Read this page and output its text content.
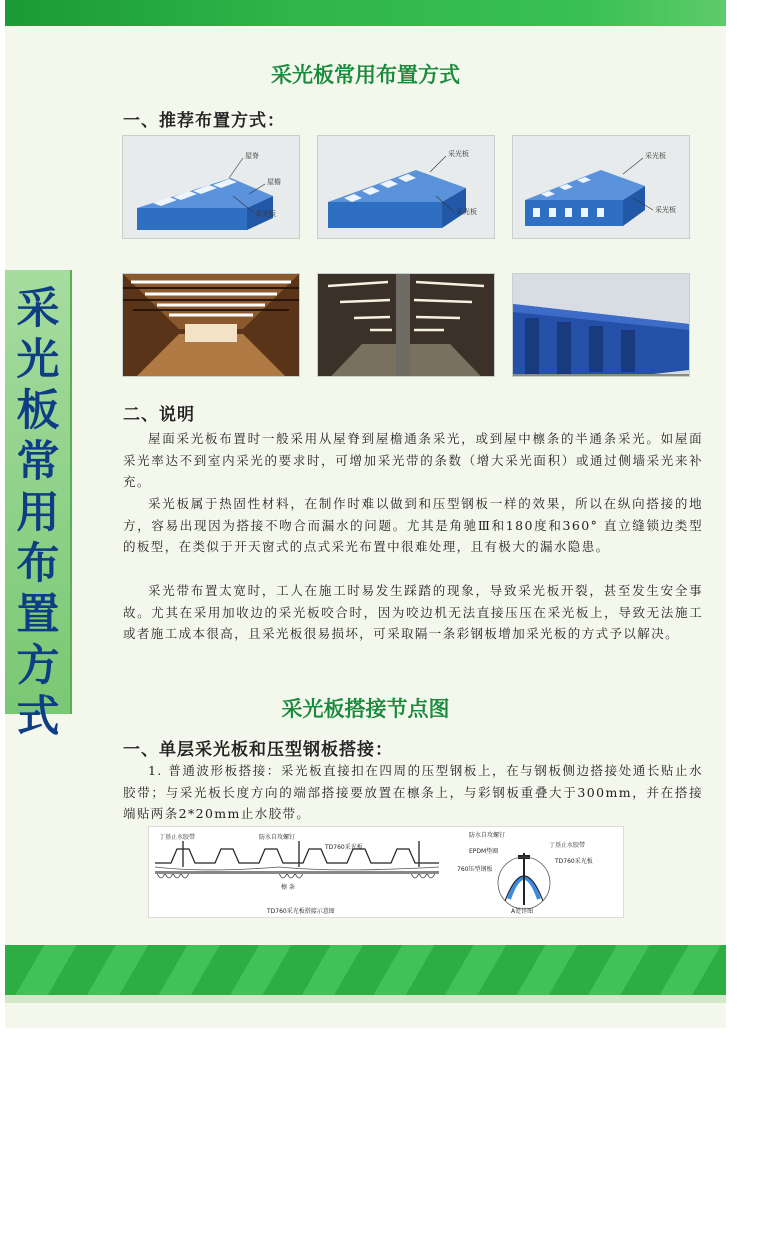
采光板常用布置方式

采光板常用布置方式
一、推荐布置方式：
屋脊
屋檐
采光板
采光板
采光板
采光板
采光板
二、说明

屋面采光板布置时一般采用从屋脊到屋檐通条采光，或到屋中檩条的半通条采光。如屋面采光率达不到室内采光的要求时，可增加采光带的条数（增大采光面积）或通过侧墙采光来补充。

采光板属于热固性材料，在制作时难以做到和压型钢板一样的效果，所以在纵向搭接的地方，容易出现因为搭接不吻合而漏水的问题。尤其是角驰Ⅲ和180度和360° 直立缝锁边类型的板型，在类似于开天窗式的点式采光布置中很难处理，且有极大的漏水隐患。

采光带布置太宽时，工人在施工时易发生踩踏的现象，导致采光板开裂，甚至发生安全事故。尤其在采用加收边的采光板咬合时，因为咬边机无法直接压压在采光板上，导致无法施工或者施工成本很高，且采光板很易损坏，可采取隔一条彩钢板增加采光板的方式予以解决。

采光板搭接节点图
一、单层采光板和压型钢板搭接：

1. 普通波形板搭接：采光板直接扣在四周的压型钢板上，在与钢板侧边搭接处通长贴止水胶带；与采光板长度方向的端部搭接要放置在檩条上，与彩钢板重叠大于300mm，并在搭接端贴两条2*20mm止水胶带。

丁基止水胶带	防水自攻螺钉
TD760采光板
檩 条
TD760采光板搭接示意图
防水自攻螺钉
EPDM垫圈
760压型钢板
丁基止水胶带
TD760采光板
A处详图
